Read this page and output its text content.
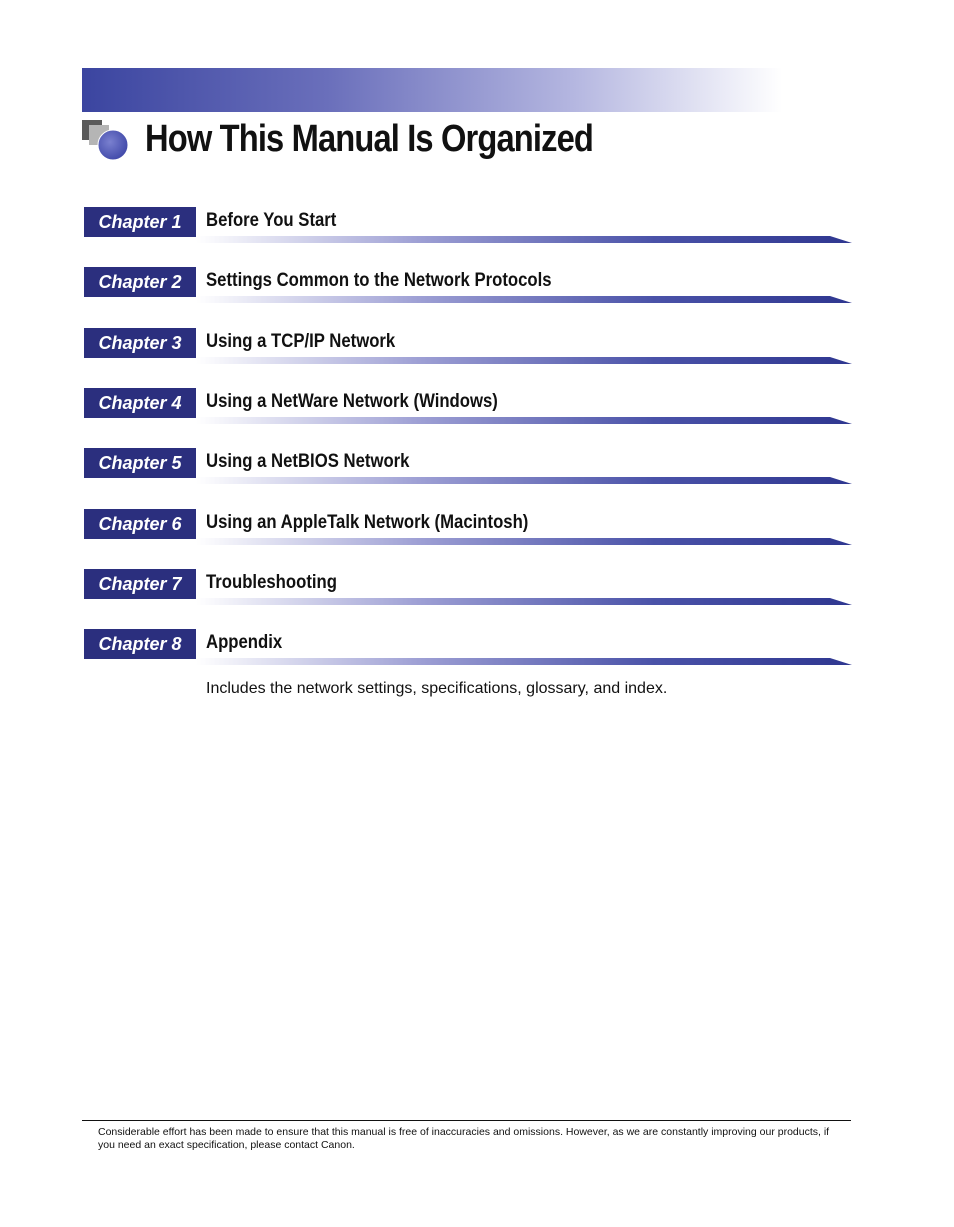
How This Manual Is Organized
Chapter 1	Before You Start
Chapter 2	Settings Common to the Network Protocols
Chapter 3	Using a TCP/IP Network
Chapter 4	Using a NetWare Network (Windows)
Chapter 5	Using a NetBIOS Network
Chapter 6	Using an AppleTalk Network (Macintosh)
Chapter 7	Troubleshooting
Chapter 8	Appendix
Includes the network settings, specifications, glossary, and index.
Considerable effort has been made to ensure that this manual is free of inaccuracies and omissions. However, as we are constantly improving our products, if you need an exact specification, please contact Canon.
